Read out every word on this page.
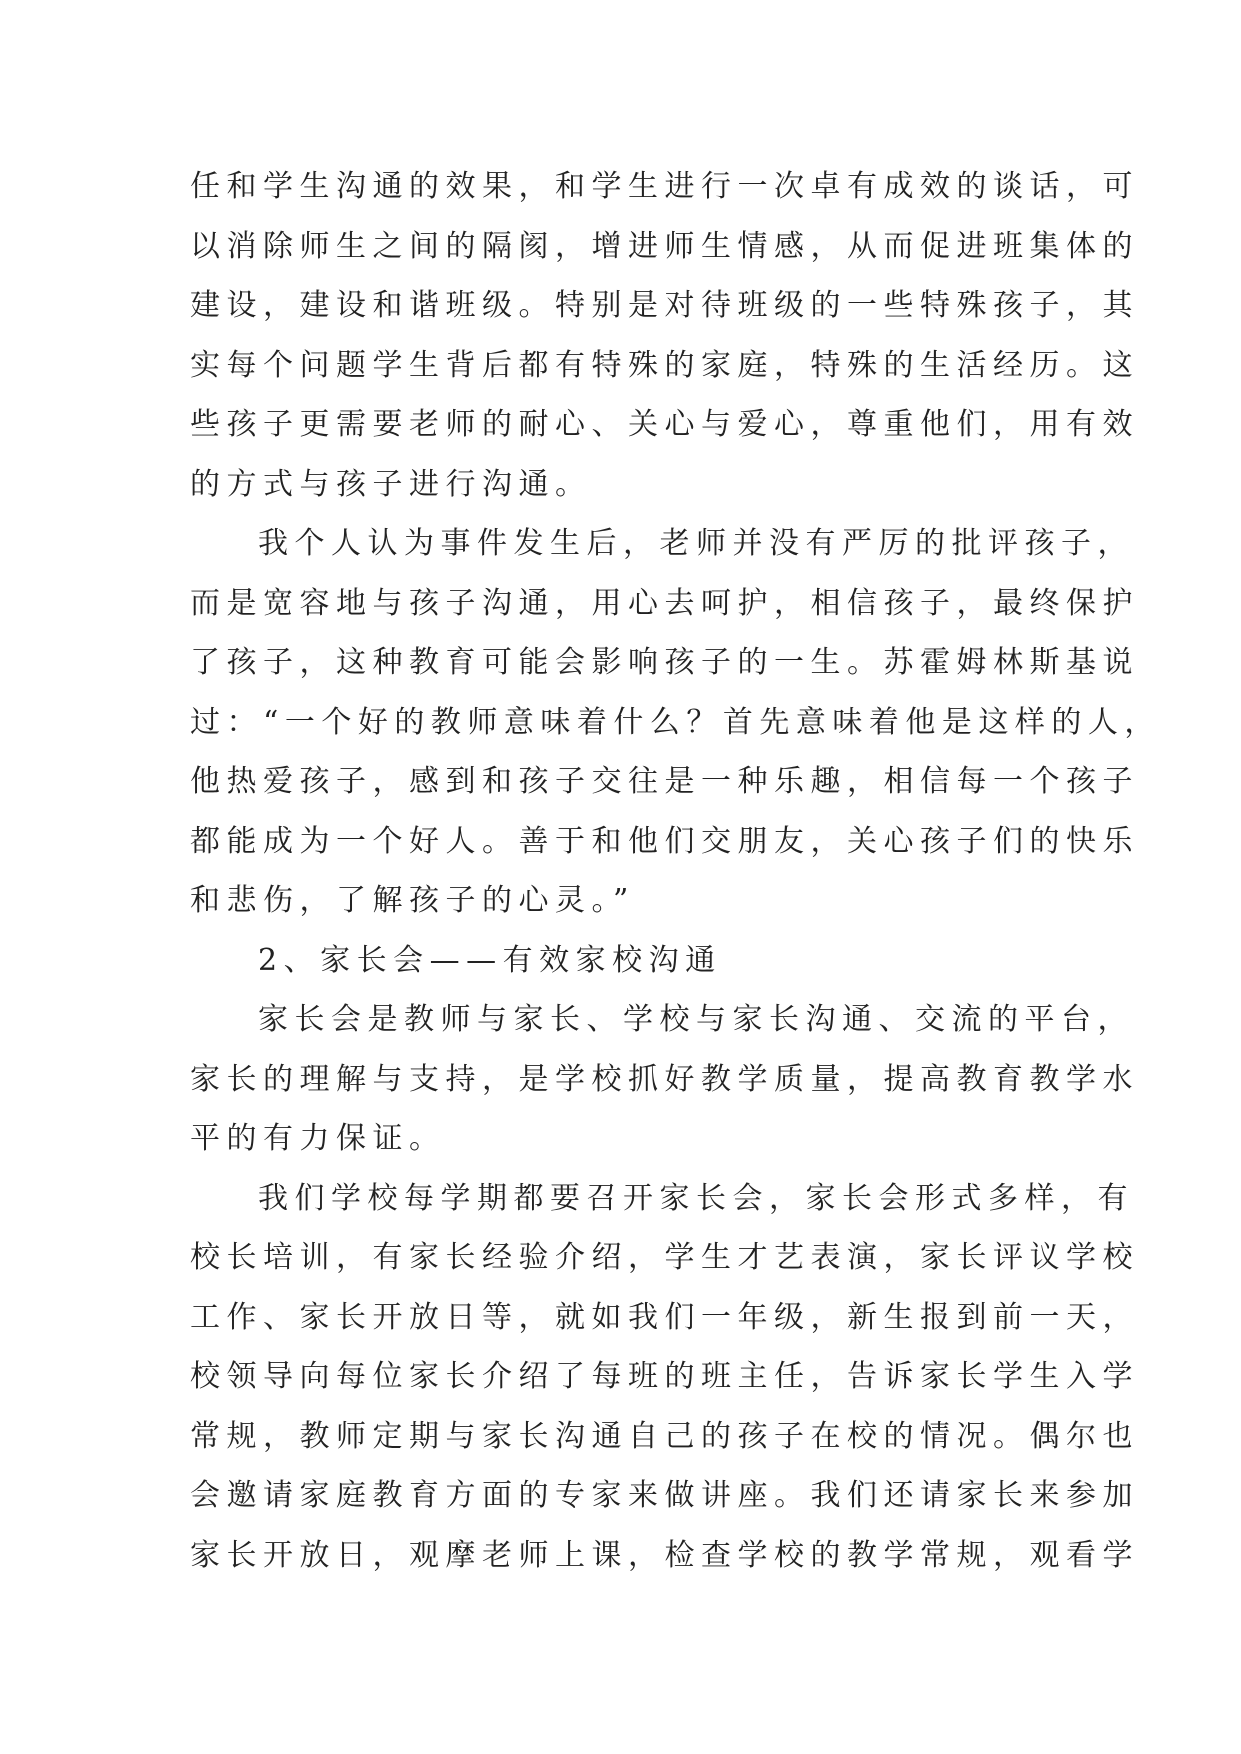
任和学生沟通的效果，和学生进行一次卓有成效的谈话，可
以消除师生之间的隔阂，增进师生情感，从而促进班集体的
建设，建设和谐班级。特别是对待班级的一些特殊孩子，其
实每个问题学生背后都有特殊的家庭，特殊的生活经历。这
些孩子更需要老师的耐心、关心与爱心，尊重他们，用有效
的方式与孩子进行沟通。
我个人认为事件发生后，老师并没有严厉的批评孩子，
而是宽容地与孩子沟通，用心去呵护，相信孩子，最终保护
了孩子，这种教育可能会影响孩子的一生。苏霍姆林斯基说
过：“一个好的教师意味着什么？首先意味着他是这样的人，
他热爱孩子，感到和孩子交往是一种乐趣，相信每一个孩子
都能成为一个好人。善于和他们交朋友，关心孩子们的快乐
和悲伤，了解孩子的心灵。”
2、家长会——有效家校沟通
家长会是教师与家长、学校与家长沟通、交流的平台，
家长的理解与支持，是学校抓好教学质量，提高教育教学水
平的有力保证。
我们学校每学期都要召开家长会，家长会形式多样，有
校长培训，有家长经验介绍，学生才艺表演，家长评议学校
工作、家长开放日等，就如我们一年级，新生报到前一天，
校领导向每位家长介绍了每班的班主任，告诉家长学生入学
常规，教师定期与家长沟通自己的孩子在校的情况。偶尔也
会邀请家庭教育方面的专家来做讲座。我们还请家长来参加
家长开放日，观摩老师上课，检查学校的教学常规，观看学
